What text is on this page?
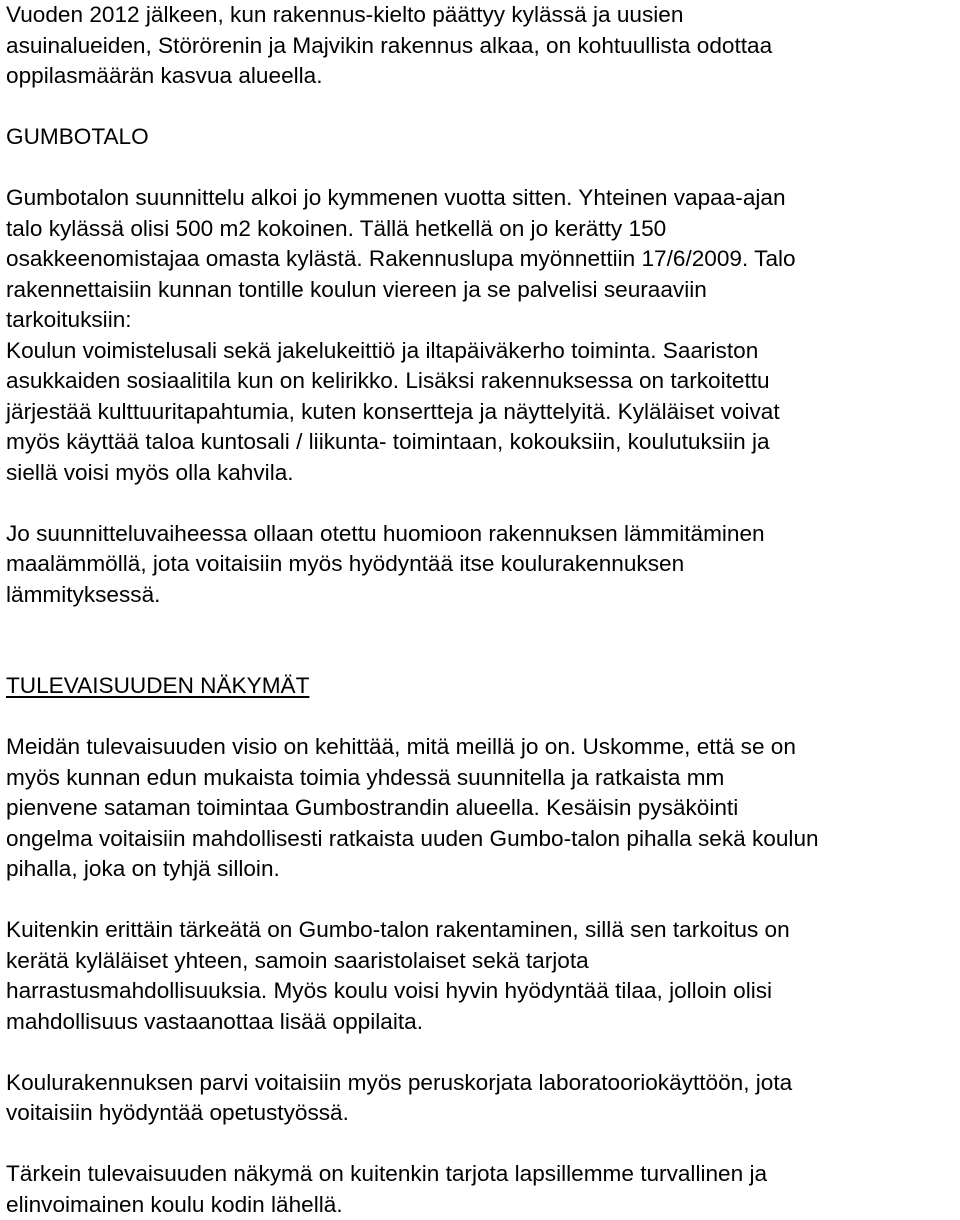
Vuoden 2012 jälkeen, kun rakennus-kielto päättyy kylässä ja uusien
asuinalueiden, Störörenin ja Majvikin rakennus alkaa, on kohtuullista odottaa
oppilasmäärän kasvua alueella.
GUMBOTALO
Gumbotalon suunnittelu alkoi jo kymmenen vuotta sitten. Yhteinen vapaa-ajan
talo kylässä olisi 500 m2 kokoinen. Tällä hetkellä on jo kerätty 150
osakkeenomistajaa omasta kylästä. Rakennuslupa myönnettiin 17/6/2009. Talo
rakennettaisiin kunnan tontille koulun viereen ja se palvelisi seuraaviin
tarkoituksiin:
Koulun voimistelusali sekä jakelukeittiö ja iltapäiväkerho toiminta. Saariston
asukkaiden sosiaalitila kun on kelirikko. Lisäksi rakennuksessa on tarkoitettu
järjestää kulttuuritapahtumia, kuten konsertteja ja näyttelyitä. Kyläläiset voivat
myös käyttää taloa kuntosali / liikunta- toimintaan, kokouksiin, koulutuksiin ja
siellä voisi myös olla kahvila.
Jo suunnitteluvaiheessa ollaan otettu huomioon rakennuksen lämmitäminen
maalämmöllä, jota voitaisiin myös hyödyntää itse koulurakennuksen
lämmityksessä.
TULEVAISUUDEN NÄKYMÄT
Meidän tulevaisuuden visio on kehittää, mitä meillä jo on. Uskomme, että se on
myös kunnan edun mukaista toimia yhdessä suunnitella ja ratkaista mm
pienvene sataman toimintaa Gumbostrandin alueella. Kesäisin pysäköinti
ongelma voitaisiin mahdollisesti ratkaista uuden Gumbo-talon pihalla sekä koulun
pihalla, joka on tyhjä silloin.
Kuitenkin erittäin tärkeätä on Gumbo-talon rakentaminen, sillä sen tarkoitus on
kerätä kyläläiset yhteen, samoin saaristolaiset sekä tarjota
harrastusmahdollisuuksia. Myös koulu voisi hyvin hyödyntää tilaa, jolloin olisi
mahdollisuus vastaanottaa lisää oppilaita.
Koulurakennuksen parvi voitaisiin myös peruskorjata laboratooriokäyttöön, jota
voitaisiin hyödyntää opetustyössä.
Tärkein tulevaisuuden näkymä on kuitenkin tarjota lapsillemme turvallinen ja
elinvoimainen koulu kodin lähellä.
